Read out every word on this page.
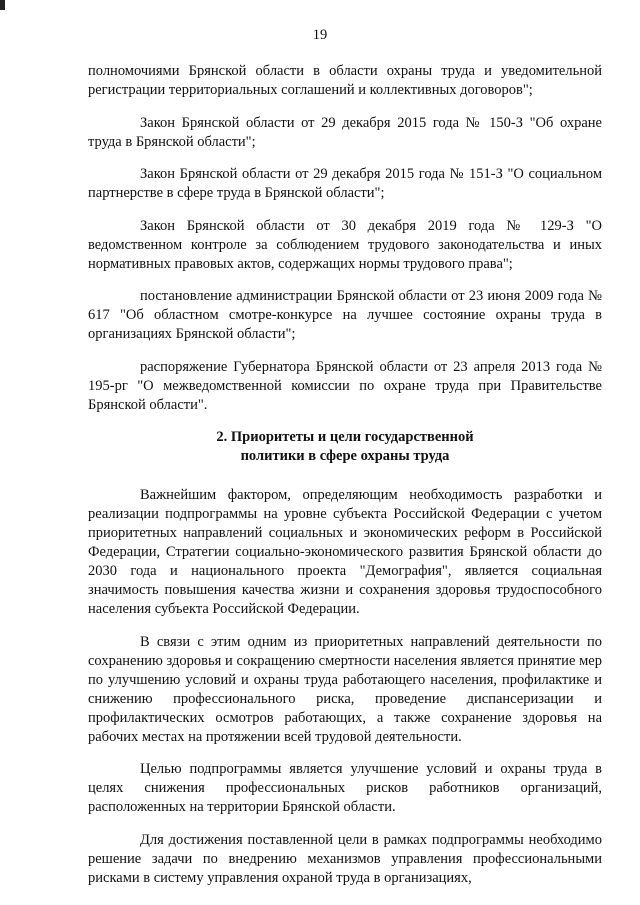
19

полномочиями Брянской области в области охраны труда и уведомительной регистрации территориальных соглашений и коллективных договоров";

Закон Брянской области от 29 декабря 2015 года № 150-З "Об охране труда в Брянской области";

Закон Брянской области от 29 декабря 2015 года № 151-З "О социальном партнерстве в сфере труда в Брянской области";

Закон Брянской области от 30 декабря 2019 года № 129-З "О ведомственном контроле за соблюдением трудового законодательства и иных нормативных правовых актов, содержащих нормы трудового права";

постановление администрации Брянской области от 23 июня 2009 года № 617 "Об областном смотре-конкурсе на лучшее состояние охраны труда в организациях Брянской области";

распоряжение Губернатора Брянской области от 23 апреля 2013 года № 195-рг "О межведомственной комиссии по охране труда при Правительстве Брянской области".

2. Приоритеты и цели государственной
политики в сфере охраны труда

Важнейшим фактором, определяющим необходимость разработки и реализации подпрограммы на уровне субъекта Российской Федерации с учетом приоритетных направлений социальных и экономических реформ в Российской Федерации, Стратегии социально-экономического развития Брянской области до 2030 года и национального проекта "Демография", является социальная значимость повышения качества жизни и сохранения здоровья трудоспособного населения субъекта Российской Федерации.

В связи с этим одним из приоритетных направлений деятельности по сохранению здоровья и сокращению смертности населения является принятие мер по улучшению условий и охраны труда работающего населения, профилактике и снижению профессионального риска, проведение диспансеризации и профилактических осмотров работающих, а также сохранение здоровья на рабочих местах на протяжении всей трудовой деятельности.

Целью подпрограммы является улучшение условий и охраны труда в целях снижения профессиональных рисков работников организаций, расположенных на территории Брянской области.

Для достижения поставленной цели в рамках подпрограммы необходимо решение задачи по внедрению механизмов управления профессиональными рисками в систему управления охраной труда в организациях,
